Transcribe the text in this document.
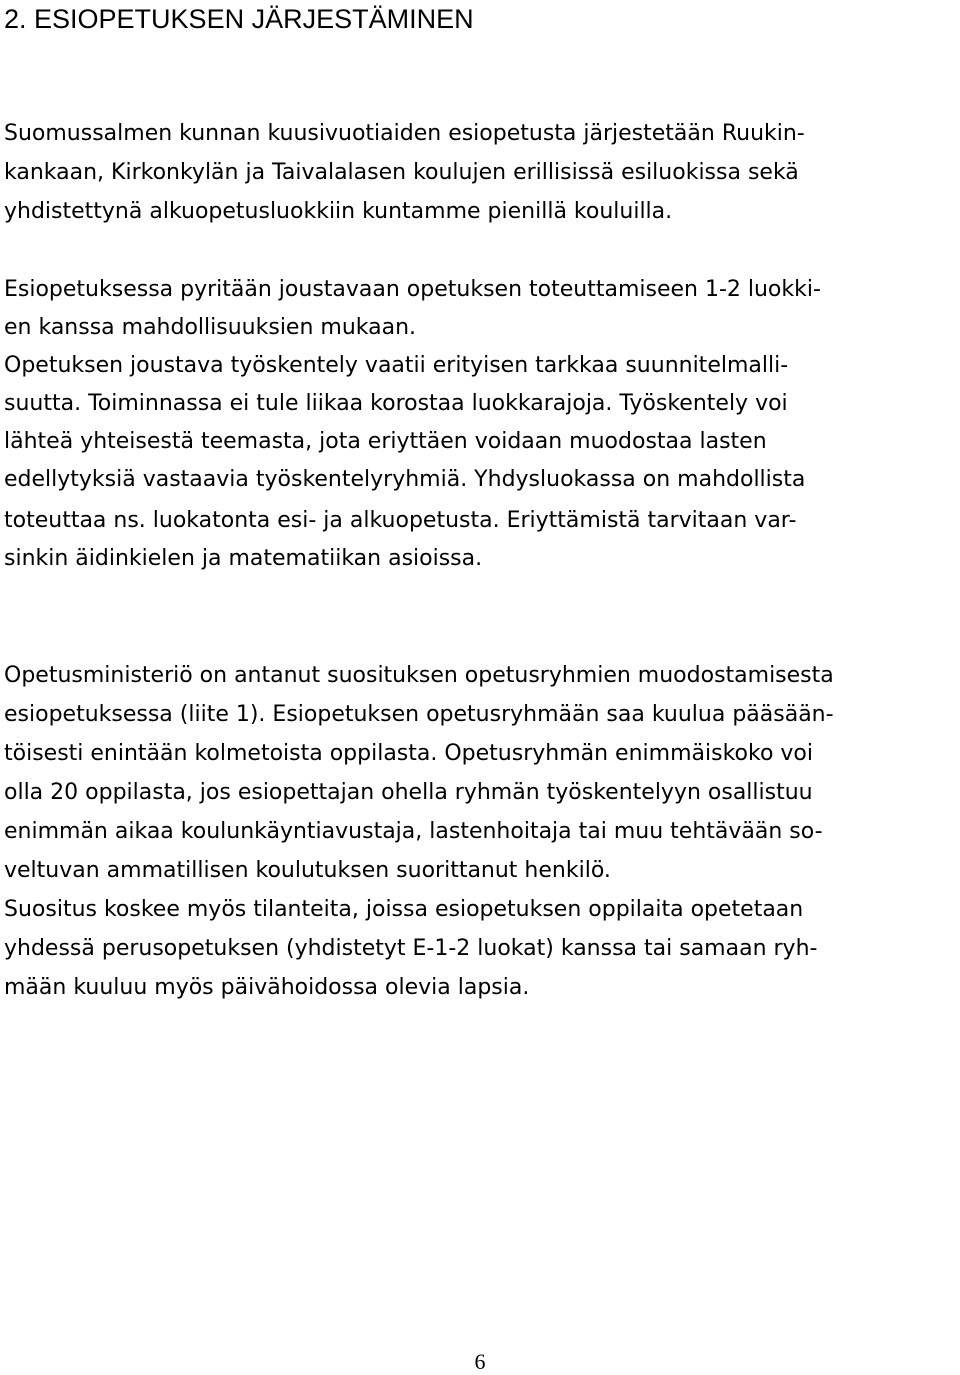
2. ESIOPETUKSEN JÄRJESTÄMINEN

Suomussalmen kunnan kuusivuotiaiden esiopetusta järjestetään Ruukin-

kankaan, Kirkonkylän ja Taivalalasen koulujen erillisissä esiluokissa sekä

yhdistettynä alkuopetusluokkiin kuntamme pienillä kouluilla.

Esiopetuksessa pyritään joustavaan opetuksen toteuttamiseen 1-2 luokki-

en kanssa mahdollisuuksien mukaan.

Opetuksen joustava työskentely vaatii erityisen tarkkaa suunnitelmalli-

suutta. Toiminnassa ei tule liikaa korostaa luokkarajoja. Työskentely voi

lähteä yhteisestä teemasta, jota eriyttäen voidaan muodostaa lasten

edellytyksiä vastaavia työskentelyryhmiä. Yhdysluokassa on mahdollista

toteuttaa ns. luokatonta esi- ja alkuopetusta. Eriyttämistä tarvitaan var-

sinkin äidinkielen ja matematiikan asioissa.

Opetusministeriö on antanut suosituksen opetusryhmien muodostamisesta

esiopetuksessa (liite 1). Esiopetuksen opetusryhmään saa kuulua pääsään-

töisesti enintään kolmetoista oppilasta. Opetusryhmän enimmäiskoko voi

olla 20 oppilasta, jos esiopettajan ohella ryhmän työskentelyyn osallistuu

enimmän aikaa koulunkäyntiavustaja, lastenhoitaja tai muu tehtävään so-

veltuvan ammatillisen koulutuksen suorittanut henkilö.

Suositus koskee myös tilanteita, joissa esiopetuksen oppilaita opetetaan

yhdessä perusopetuksen (yhdistetyt E-1-2 luokat) kanssa tai samaan ryh-

mään kuuluu myös päivähoidossa olevia lapsia.

6
